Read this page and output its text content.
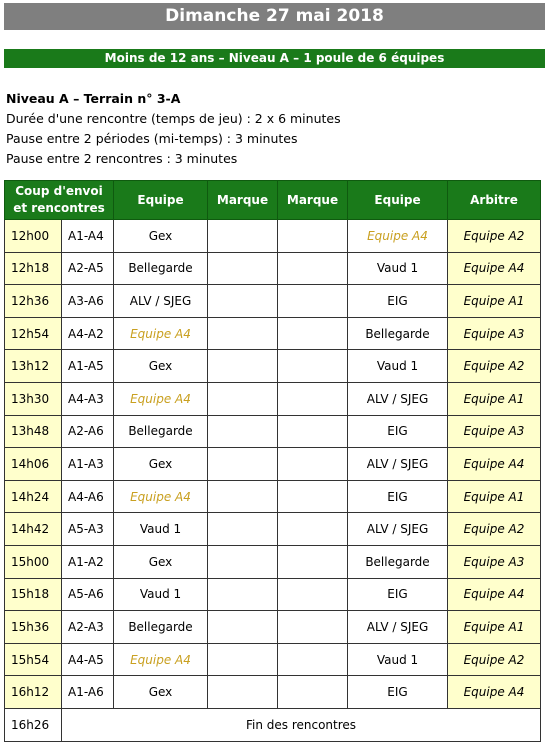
Dimanche 27 mai 2018
Moins de 12 ans – Niveau A – 1 poule de 6 équipes
Niveau A – Terrain n° 3-A
Durée d'une rencontre (temps de jeu) : 2 x 6 minutes
Pause entre 2 périodes (mi-temps) : 3 minutes
Pause entre 2 rencontres : 3 minutes
Coup d'envoi
et rencontres		Equipe	Marque	Marque	Equipe	Arbitre
12h00	A1-A4	Gex			Equipe A4	Equipe A2
12h18	A2-A5	Bellegarde			Vaud 1	Equipe A4
12h36	A3-A6	ALV / SJEG			EIG	Equipe A1
12h54	A4-A2	Equipe A4			Bellegarde	Equipe A3
13h12	A1-A5	Gex			Vaud 1	Equipe A2
13h30	A4-A3	Equipe A4			ALV / SJEG	Equipe A1
13h48	A2-A6	Bellegarde			EIG	Equipe A3
14h06	A1-A3	Gex			ALV / SJEG	Equipe A4
14h24	A4-A6	Equipe A4			EIG	Equipe A1
14h42	A5-A3	Vaud 1			ALV / SJEG	Equipe A2
15h00	A1-A2	Gex			Bellegarde	Equipe A3
15h18	A5-A6	Vaud 1			EIG	Equipe A4
15h36	A2-A3	Bellegarde			ALV / SJEG	Equipe A1
15h54	A4-A5	Equipe A4			Vaud 1	Equipe A2
16h12	A1-A6	Gex			EIG	Equipe A4
16h26	Fin des rencontres					
